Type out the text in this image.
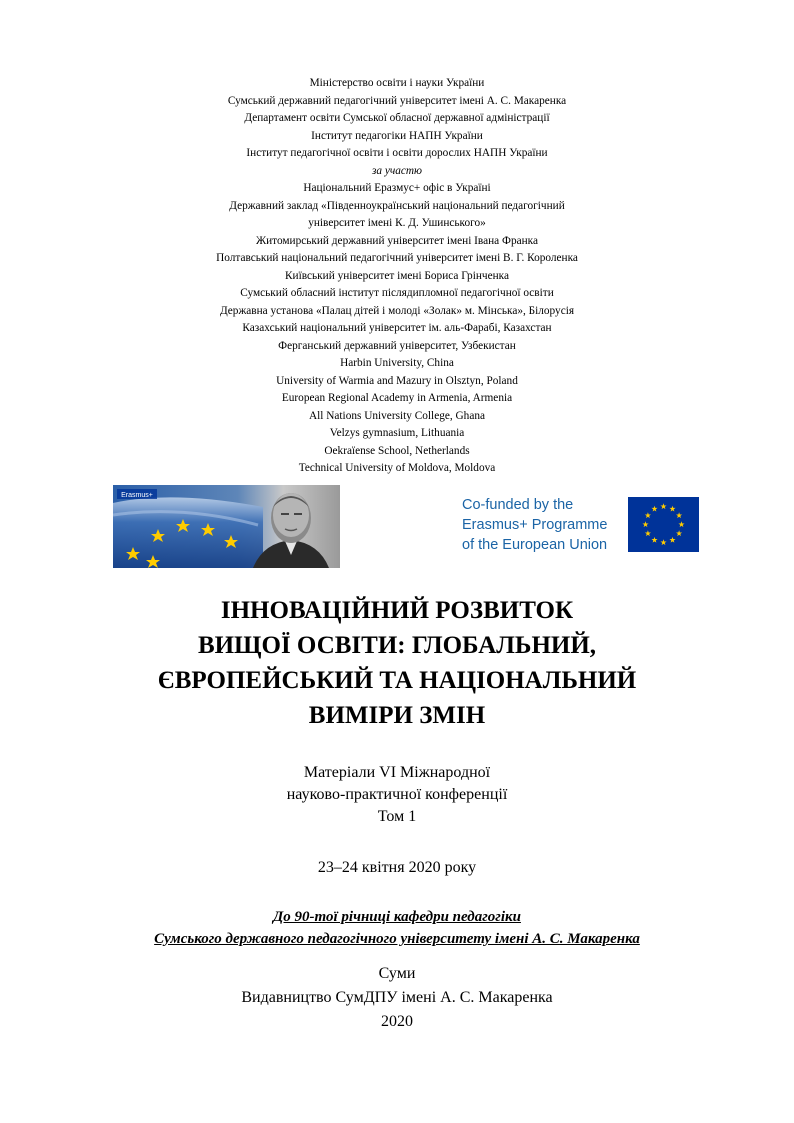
Міністерство освіти і науки України
Сумський державний педагогічний університет імені А. С. Макаренка
Департамент освіти Сумської обласної державної адміністрації
Інститут педагогіки НАПН України
Інститут педагогічної освіти і освіти дорослих НАПН України
за участю
Національний Еразмус+ офіс в Україні
Державний заклад «Південноукраїнський національний педагогічний
університет імені К. Д. Ушинського»
Житомирський державний університет імені Івана Франка
Полтавський національний педагогічний університет імені В. Г. Короленка
Київський університет імені Бориса Грінченка
Сумський обласний інститут післядипломної педагогічної освіти
Державна установа «Палац дітей і молоді «Золак» м. Мінська», Білорусія
Казахський національний університет ім. аль-Фарабі, Казахстан
Ферганський державний університет, Узбекистан
Harbin University, China
University of Warmia and Mazury in Olsztyn, Poland
European Regional Academy in Armenia, Armenia
All Nations University College, Ghana
Velzys gymnasium, Lithuania
Oekraïense School, Netherlands
Technical University of Moldova, Moldova
Erasmus+
Co-funded by the
Erasmus+ Programme
of the European Union
ІННОВАЦІЙНИЙ РОЗВИТОК
ВИЩОЇ ОСВІТИ: ГЛОБАЛЬНИЙ,
ЄВРОПЕЙСЬКИЙ ТА НАЦІОНАЛЬНИЙ
ВИМІРИ ЗМІН
Матеріали VI Міжнародної
науково-практичної конференції
Том 1
23–24 квітня 2020 року
До 90-тої річниці кафедри педагогіки
Сумського державного педагогічного університету імені А. С. Макаренка
Суми
Видавництво СумДПУ імені А. С. Макаренка
2020
